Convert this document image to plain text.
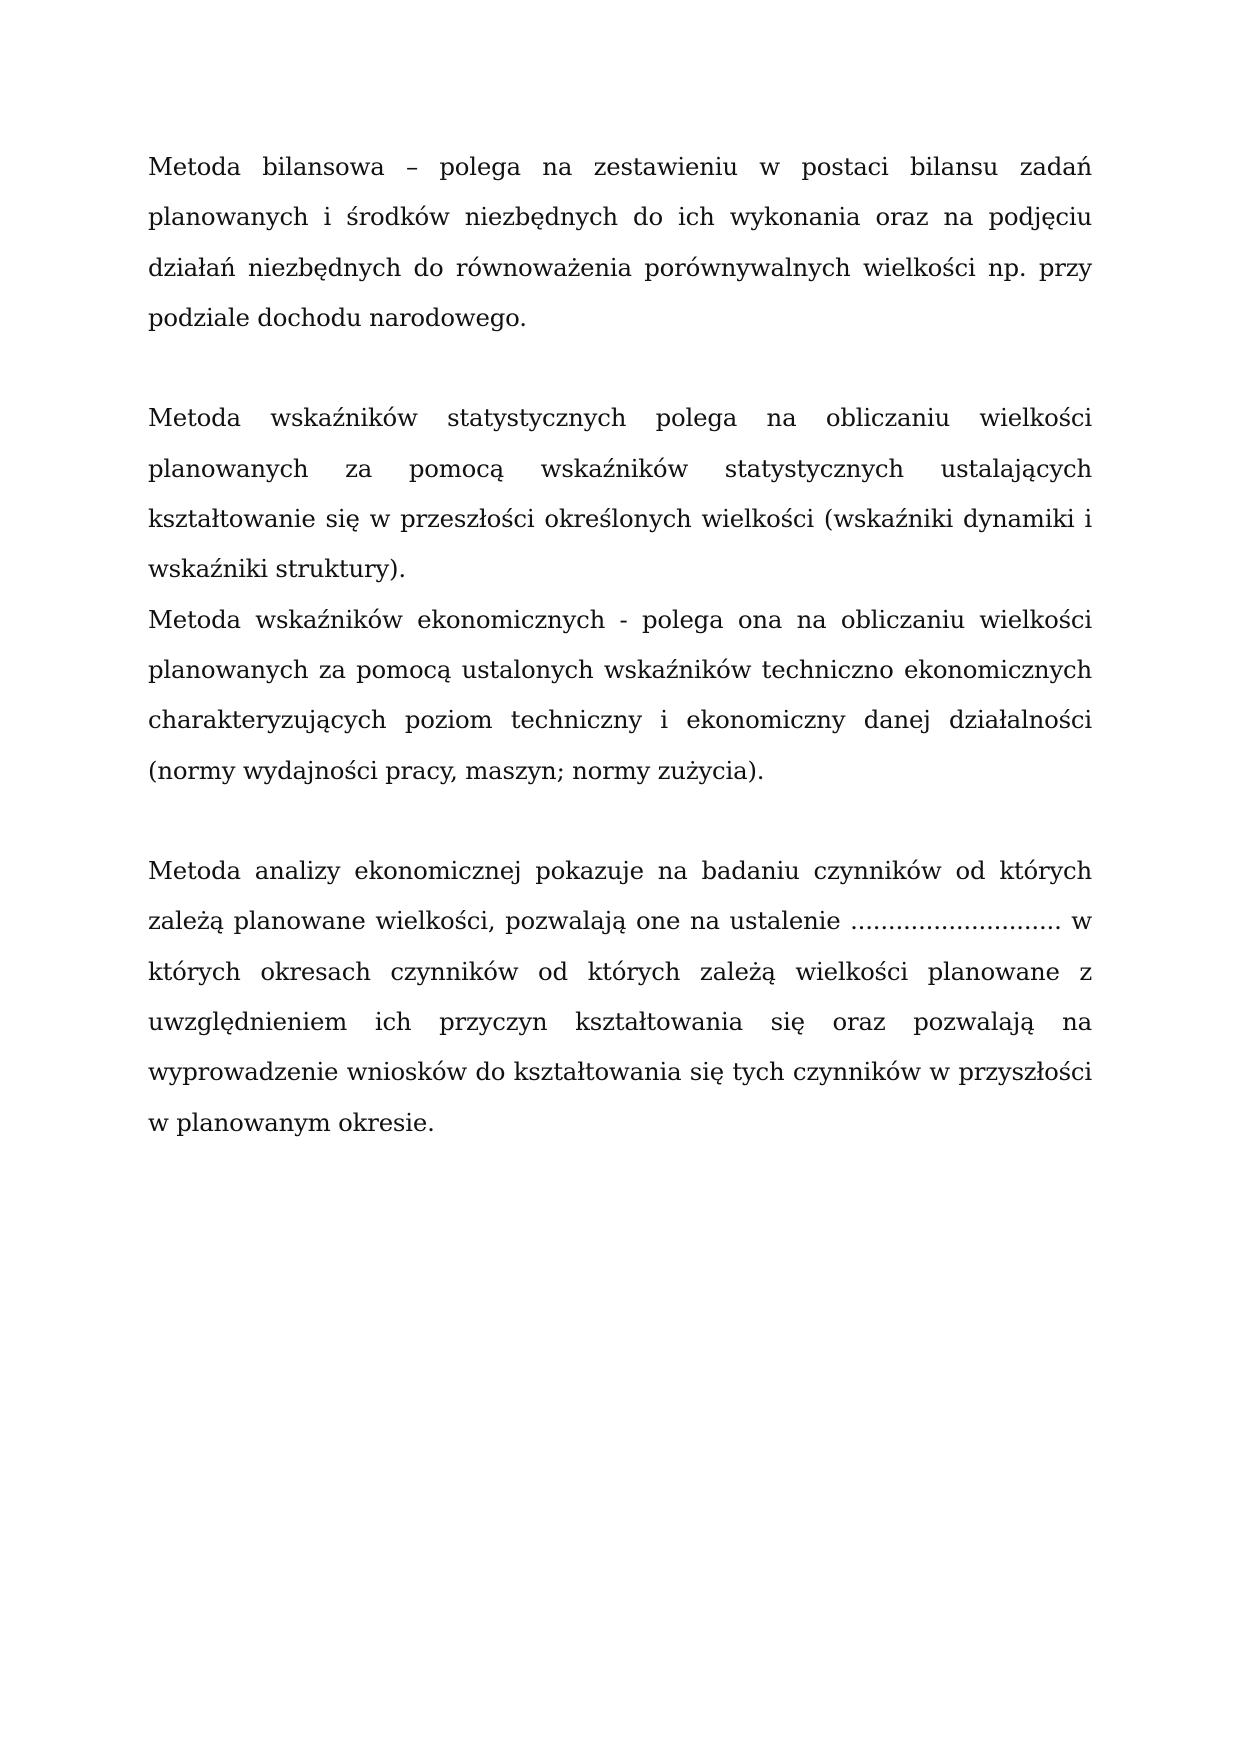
Metoda bilansowa – polega na zestawieniu w postaci bilansu zadań planowanych i środków niezbędnych do ich wykonania oraz na podjęciu działań niezbędnych do równoważenia porównywalnych wielkości np. przy podziale dochodu narodowego.

Metoda wskaźników statystycznych polega na obliczaniu wielkości planowanych za pomocą wskaźników statystycznych ustalających kształtowanie się w przeszłości określonych wielkości (wskaźniki dynamiki i wskaźniki struktury).

Metoda wskaźników ekonomicznych - polega ona na obliczaniu wielkości planowanych za pomocą ustalonych wskaźników techniczno ekonomicznych charakteryzujących poziom techniczny i ekonomiczny danej działalności (normy wydajności pracy, maszyn; normy zużycia).

Metoda analizy ekonomicznej pokazuje na badaniu czynników od których zależą planowane wielkości, pozwalają one na ustalenie ............................ w których okresach czynników od których zależą wielkości planowane z uwzględnieniem ich przyczyn kształtowania się oraz pozwalają na wyprowadzenie wniosków do kształtowania się tych czynników w przyszłości w planowanym okresie.
